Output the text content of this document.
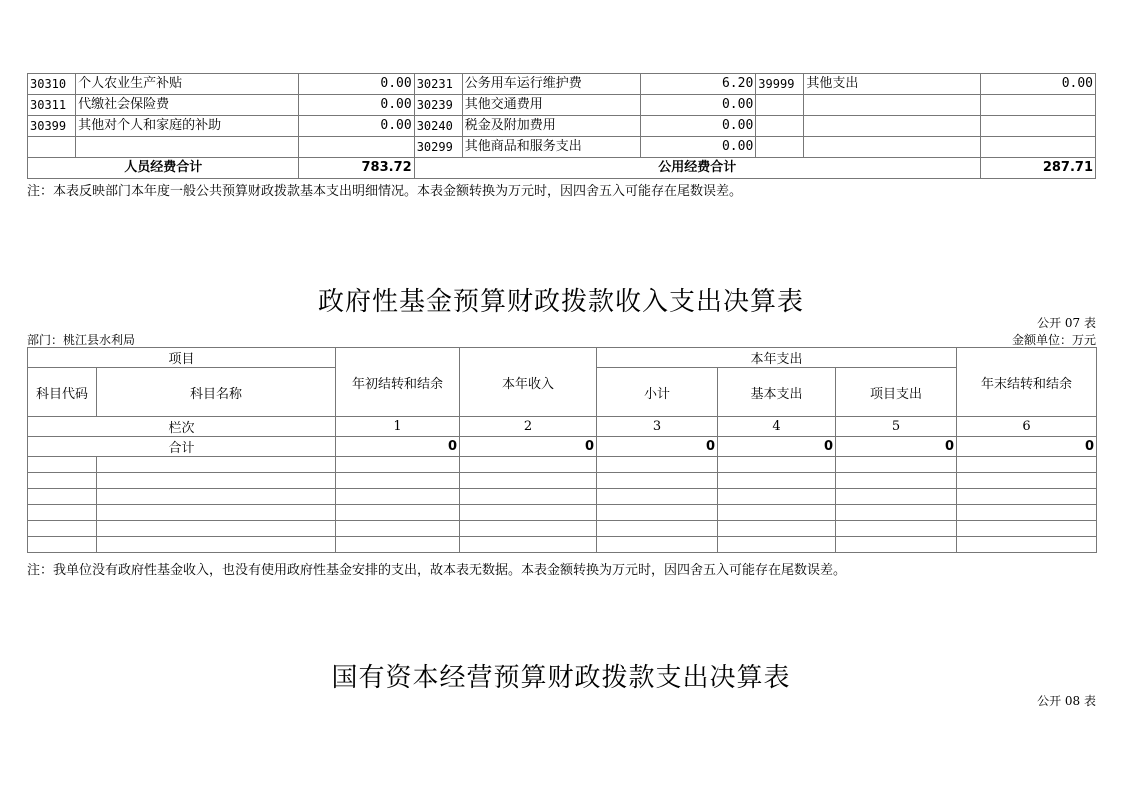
30310	个人农业生产补贴	0.00	30231	公务用车运行维护费	6.20	39999	其他支出	0.00
30311	代缴社会保险费	0.00	30239	其他交通费用	0.00			
30399	其他对个人和家庭的补助	0.00	30240	税金及附加费用	0.00			
			30299	其他商品和服务支出	0.00			
人员经费合计		783.72	公用经费合计					287.71
注：本表反映部门本年度一般公共预算财政拨款基本支出明细情况。本表金额转换为万元时，因四舍五入可能存在尾数误差。
政府性基金预算财政拨款收入支出决算表
公开 07 表
部门：桃江县水利局	金额单位：万元
项目		年初结转和结余	本年收入	本年支出			年末结转和结余
科目代码	科目名称			小计	基本支出	项目支出	
栏次		1	2	3	4	5	6
合计		0	0	0	0	0	0

注：我单位没有政府性基金收入，也没有使用政府性基金安排的支出，故本表无数据。本表金额转换为万元时，因四舍五入可能存在尾数误差。
国有资本经营预算财政拨款支出决算表
公开 08 表
